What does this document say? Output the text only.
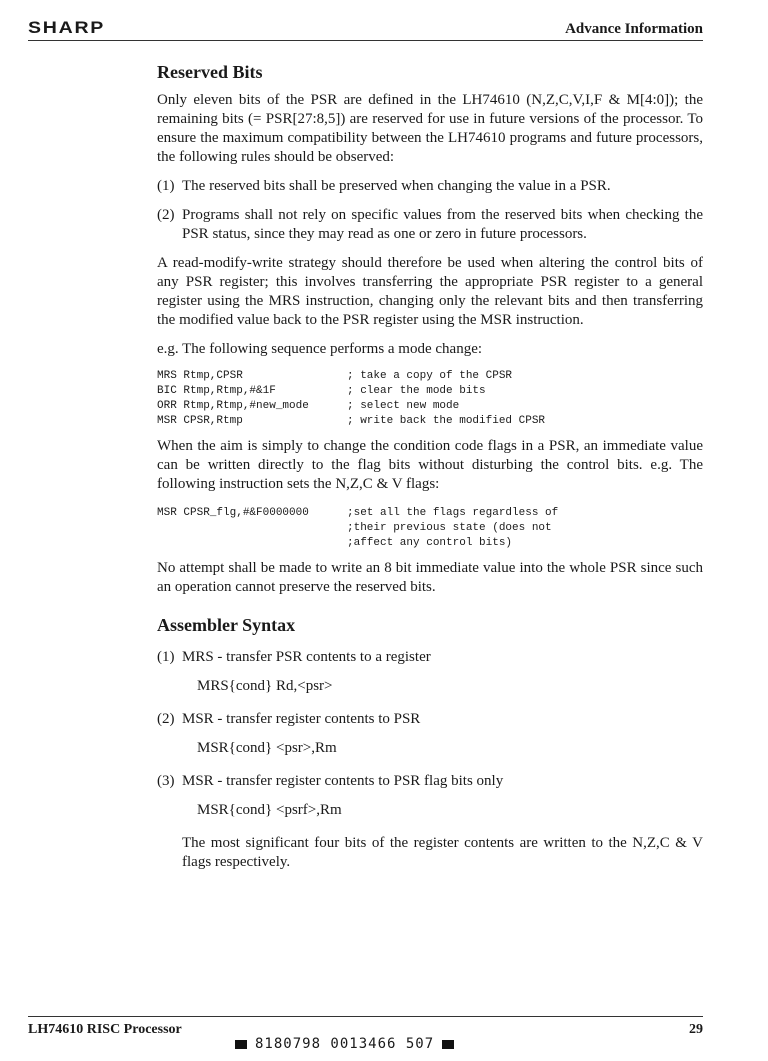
SHARP	Advance Information
Reserved Bits

Only eleven bits of the PSR are defined in the LH74610 (N,Z,C,V,I,F & M[4:0]); the remaining bits (= PSR[27:8,5]) are reserved for use in future versions of the processor. To ensure the maximum compatibility between the LH74610 programs and future processors, the following rules should be observed:

(1) The reserved bits shall be preserved when changing the value in a PSR.
(2) Programs shall not rely on specific values from the reserved bits when checking the PSR status, since they may read as one or zero in future processors.

A read-modify-write strategy should therefore be used when altering the control bits of any PSR register; this involves transferring the appropriate PSR register to a general register using the MRS instruction, changing only the relevant bits and then transferring the modified value back to the PSR register using the MSR instruction.

e.g. The following sequence performs a mode change:

MRS Rtmp,CPSR	; take a copy of the CPSR
BIC Rtmp,Rtmp,#&1F	; clear the mode bits
ORR Rtmp,Rtmp,#new_mode	; select new mode
MSR CPSR,Rtmp	; write back the modified CPSR

When the aim is simply to change the condition code flags in a PSR, an immediate value can be written directly to the flag bits without disturbing the control bits. e.g. The following instruction sets the N,Z,C & V flags:

MSR CPSR_flg,#&F0000000	;set all the flags regardless of
;their previous state (does not
;affect any control bits)

No attempt shall be made to write an 8 bit immediate value into the whole PSR since such an operation cannot preserve the reserved bits.

Assembler Syntax
(1) MRS - transfer PSR contents to a register
MRS{cond} Rd,<psr>
(2) MSR - transfer register contents to PSR
MSR{cond} <psr>,Rm
(3) MSR - transfer register contents to PSR flag bits only
MSR{cond} <psrf>,Rm
The most significant four bits of the register contents are written to the N,Z,C & V flags respectively.
LH74610 RISC Processor	29
8180798 0013466 507
